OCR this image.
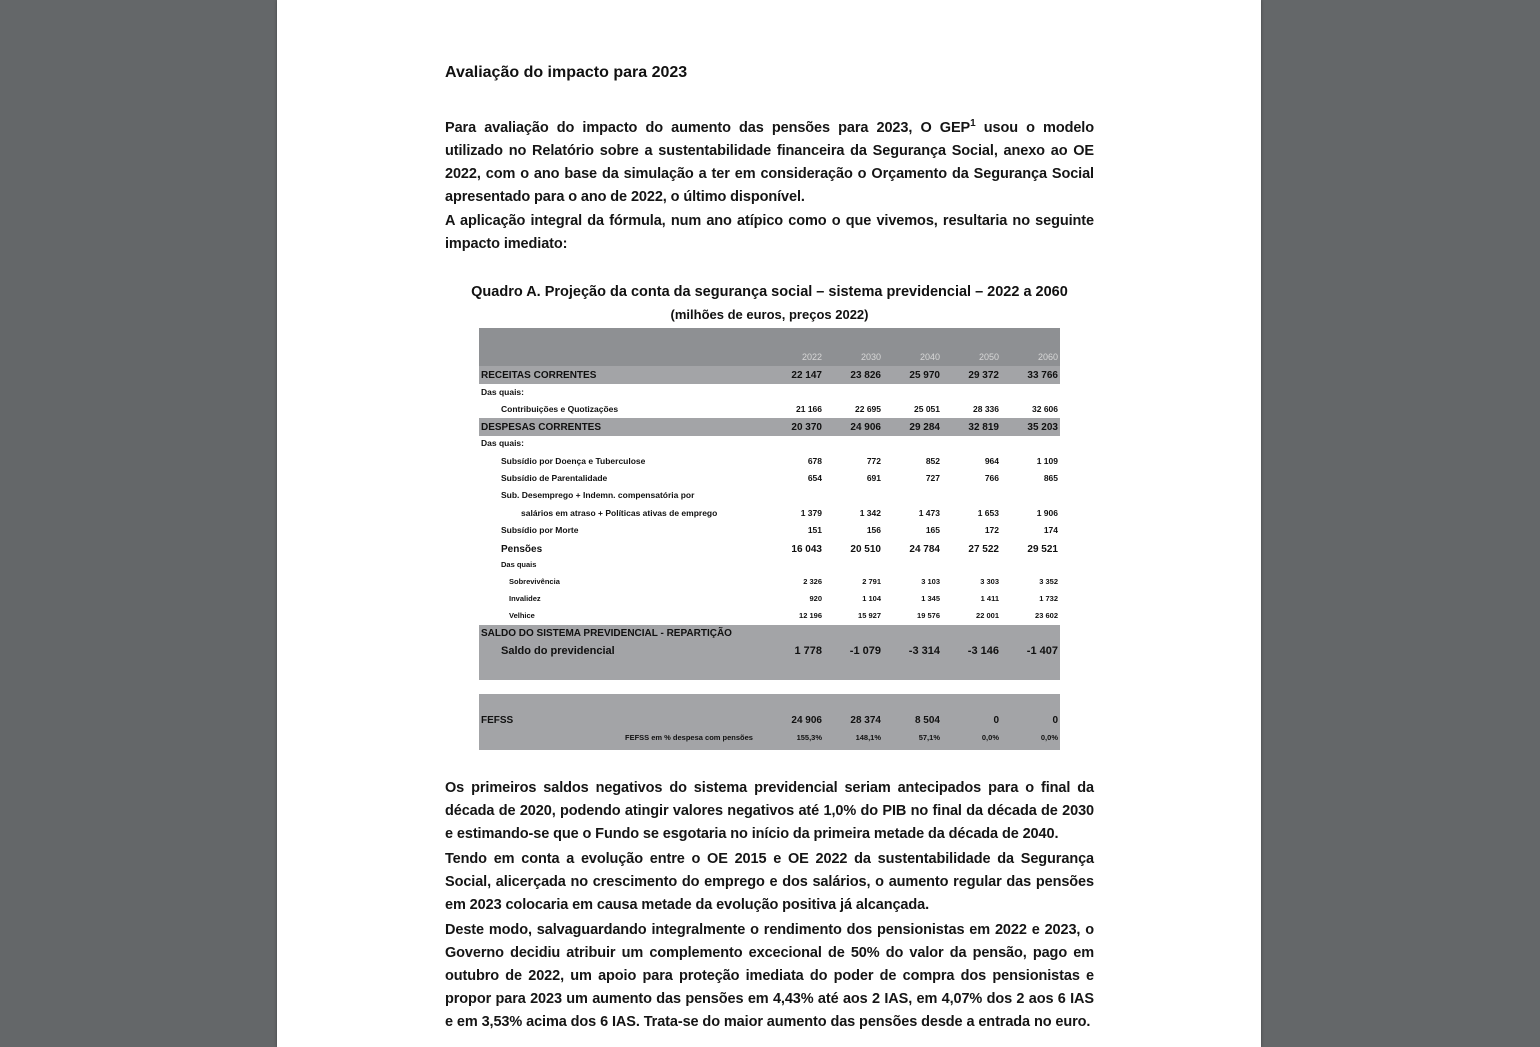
Avaliação do impacto para 2023
Para avaliação do impacto do aumento das pensões para 2023, O GEP$^1$ usou o modelo utilizado no Relatório sobre a sustentabilidade financeira da Segurança Social, anexo ao OE 2022, com o ano base da simulação a ter em consideração o Orçamento da Segurança Social apresentado para o ano de 2022, o último disponível.
A aplicação integral da fórmula, num ano atípico como o que vivemos, resultaria no seguinte impacto imediato:
Quadro A. Projeção da conta da segurança social – sistema previdencial – 2022 a 2060
(milhões de euros, preços 2022)
2022	2030	2040	2050	2060
RECEITAS CORRENTES	22 147	23 826	25 970	29 372	33 766
Das quais:
Contribuições e Quotizações	21 166	22 695	25 051	28 336	32 606
DESPESAS CORRENTES	20 370	24 906	29 284	32 819	35 203
Das quais:
Subsídio por Doença e Tuberculose	678	772	852	964	1 109
Subsídio de Parentalidade	654	691	727	766	865
Sub. Desemprego + Indemn. compensatória por
salários em atraso + Políticas ativas de emprego	1 379	1 342	1 473	1 653	1 906
Subsídio por Morte	151	156	165	172	174
Pensões	16 043	20 510	24 784	27 522	29 521
Das quais
Sobrevivência	2 326	2 791	3 103	3 303	3 352
Invalidez	920	1 104	1 345	1 411	1 732
Velhice	12 196	15 927	19 576	22 001	23 602
SALDO DO SISTEMA PREVIDENCIAL - REPARTIÇÃO
Saldo do previdencial	1 778	-1 079	-3 314	-3 146	-1 407
FEFSS	24 906	28 374	8 504	0	0
FEFSS em % despesa com pensões	155,3%	148,1%	57,1%	0,0%	0,0%
Os primeiros saldos negativos do sistema previdencial seriam antecipados para o final da década de 2020, podendo atingir valores negativos até 1,0% do PIB no final da década de 2030 e estimando-se que o Fundo se esgotaria no início da primeira metade da década de 2040.
Tendo em conta a evolução entre o OE 2015 e OE 2022 da sustentabilidade da Segurança Social, alicerçada no crescimento do emprego e dos salários, o aumento regular das pensões em 2023 colocaria em causa metade da evolução positiva já alcançada.
Deste modo, salvaguardando integralmente o rendimento dos pensionistas em 2022 e 2023, o Governo decidiu atribuir um complemento excecional de 50% do valor da pensão, pago em outubro de 2022, um apoio para proteção imediata do poder de compra dos pensionistas e propor para 2023 um aumento das pensões em 4,43% até aos 2 IAS, em 4,07% dos 2 aos 6 IAS e em 3,53% acima dos 6 IAS. Trata-se do maior aumento das pensões desde a entrada no euro.
